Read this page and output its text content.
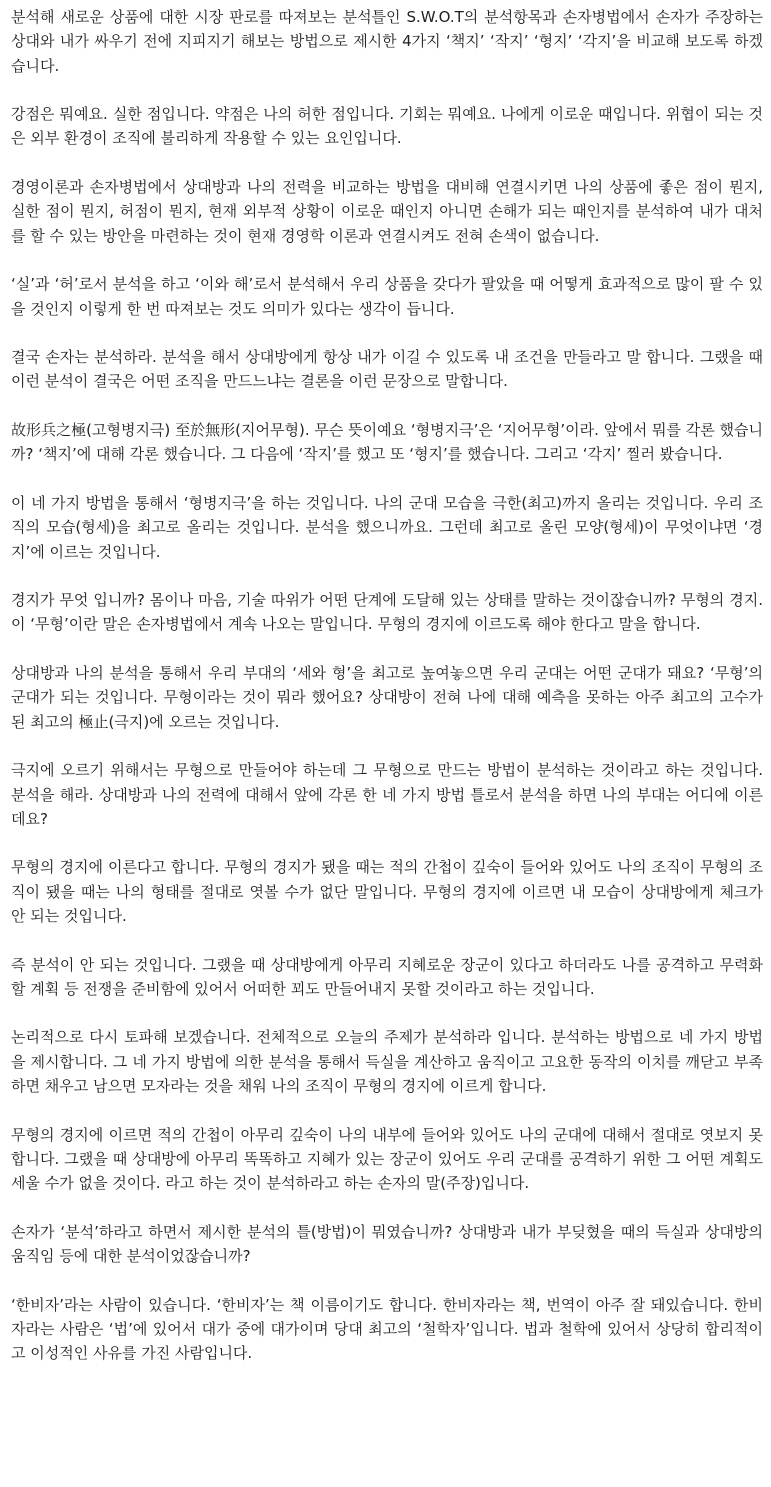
분석해 새로운 상품에 대한 시장 판로를 따져보는 분석틀인 S.W.O.T의 분석항목과 손자병법에서 손자가 주장하는 상대와 내가 싸우기 전에 지피지기 해보는 방법으로 제시한 4가지 ‘책지’ ‘작지’ ‘형지’ ‘각지’을 비교해 보도록 하겠습니다.

강점은 뭐예요. 실한 점입니다. 약점은 나의 허한 점입니다. 기회는 뭐예요. 나에게 이로운 때입니다. 위협이 되는 것은 외부 환경이 조직에 불리하게 작용할 수 있는 요인입니다.

경영이론과 손자병법에서 상대방과 나의 전력을 비교하는 방법을 대비해 연결시키면 나의 상품에 좋은 점이 뭔지, 실한 점이 뭔지, 허점이 뭔지, 현재 외부적 상황이 이로운 때인지 아니면 손해가 되는 때인지를 분석하여 내가 대처를 할 수 있는 방안을 마련하는 것이 현재 경영학 이론과 연결시켜도 전혀 손색이 없습니다.

‘실’과 ‘허’로서 분석을 하고 ‘이와 해’로서 분석해서 우리 상품을 갖다가 팔았을 때 어떻게 효과적으로 많이 팔 수 있을 것인지 이렇게 한 번 따져보는 것도 의미가 있다는 생각이 듭니다.

결국 손자는 분석하라. 분석을 해서 상대방에게 항상 내가 이길 수 있도록 내 조건을 만들라고 말 합니다. 그랬을 때 이런 분석이 결국은 어떤 조직을 만드느냐는 결론을 이런 문장으로 말합니다.

故形兵之極(고형병지극) 至於無形(지어무형). 무슨 뜻이예요 ‘형병지극’은 ‘지어무형’이라. 앞에서 뭐를 각론 했습니까? ‘책지’에 대해 각론 했습니다. 그 다음에 ‘작지’를 했고 또 ‘형지’를 했습니다. 그리고 ‘각지’ 찔러 봤습니다.

이 네 가지 방법을 통해서 ‘형병지극’을 하는 것입니다. 나의 군대 모습을 극한(최고)까지 올리는 것입니다. 우리 조직의 모습(형세)을 최고로 올리는 것입니다. 분석을 했으니까요. 그런데 최고로 올린 모양(형세)이 무엇이냐면 ‘경지’에 이르는 것입니다.

경지가 무엇 입니까? 몸이나 마음, 기술 따위가 어떤 단계에 도달해 있는 상태를 말하는 것이잖습니까? 무형의 경지. 이 ‘무형’이란 말은 손자병법에서 계속 나오는 말입니다. 무형의 경지에 이르도록 해야 한다고 말을 합니다.

상대방과 나의 분석을 통해서 우리 부대의 ‘세와 형’을 최고로 높여놓으면 우리 군대는 어떤 군대가 돼요? ‘무형’의 군대가 되는 것입니다. 무형이라는 것이 뭐라 했어요? 상대방이 전혀 나에 대해 예측을 못하는 아주 최고의 고수가 된 최고의 極止(극지)에 오르는 것입니다.

극지에 오르기 위해서는 무형으로 만들어야 하는데 그 무형으로 만드는 방법이 분석하는 것이라고 하는 것입니다. 분석을 해라. 상대방과 나의 전력에 대해서 앞에 각론 한 네 가지 방법 틀로서 분석을 하면 나의 부대는 어디에 이른데요?

무형의 경지에 이른다고 합니다. 무형의 경지가 됐을 때는 적의 간첩이 깊숙이 들어와 있어도 나의 조직이 무형의 조직이 됐을 때는 나의 형태를 절대로 엿볼 수가 없단 말입니다. 무형의 경지에 이르면 내 모습이 상대방에게 체크가 안 되는 것입니다.

즉 분석이 안 되는 것입니다. 그랬을 때 상대방에게 아무리 지혜로운 장군이 있다고 하더라도 나를 공격하고 무력화 할 계획 등 전쟁을 준비함에 있어서 어떠한 꾀도 만들어내지 못할 것이라고 하는 것입니다.

논리적으로 다시 토파해 보겠습니다. 전체적으로 오늘의 주제가 분석하라 입니다. 분석하는 방법으로 네 가지 방법을 제시합니다. 그 네 가지 방법에 의한 분석을 통해서 득실을 계산하고 움직이고 고요한 동작의 이치를 깨닫고 부족하면 채우고 남으면 모자라는 것을 채워 나의 조직이 무형의 경지에 이르게 합니다.

무형의 경지에 이르면 적의 간첩이 아무리 깊숙이 나의 내부에 들어와 있어도 나의 군대에 대해서 절대로 엿보지 못합니다. 그랬을 때 상대방에 아무리 똑똑하고 지혜가 있는 장군이 있어도 우리 군대를 공격하기 위한 그 어떤 계획도 세울 수가 없을 것이다. 라고 하는 것이 분석하라고 하는 손자의 말(주장)입니다.

손자가 ‘분석’하라고 하면서 제시한 분석의 틀(방법)이 뭐였습니까? 상대방과 내가 부딪혔을 때의 득실과 상대방의 움직임 등에 대한 분석이었잖습니까?

‘한비자’라는 사람이 있습니다. ‘한비자’는 책 이름이기도 합니다. 한비자라는 책, 번역이 아주 잘 돼있습니다. 한비자라는 사람은 ‘법’에 있어서 대가 중에 대가이며 당대 최고의 ‘철학자’입니다. 법과 철학에 있어서 상당히 합리적이고 이성적인 사유를 가진 사람입니다.
